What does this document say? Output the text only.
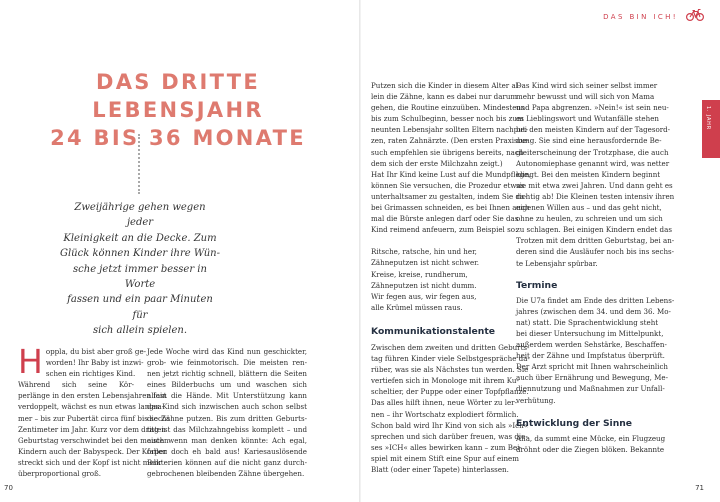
DAS BIN ICH!
1. JAHR
DAS DRITTE LEBENSJAHR
24 BIS 36 MONATE
Zweijährige gehen wegen jeder
Kleinigkeit an die Decke. Zum
Glück können Kinder ihre Wün-
sche jetzt immer besser in Worte
fassen und ein paar Minuten für
sich allein spielen.
H oppla, du bist aber groß ge-
worden! Ihr Baby ist inzwi-
schen ein richtiges Kind.
Während sich seine Kör-
perlänge in den ersten Lebensjahren fast
verdoppelt, wächst es nun etwas langsa-
mer – bis zur Pubertät circa fünf bis sechs
Zentimeter im Jahr. Kurz vor dem dritten
Geburtstag verschwindet bei den meisten
Kindern auch der Babyspeck. Der Körper
streckt sich und der Kopf ist nicht mehr
überproportional groß.
Jede Woche wird das Kind nun geschickter,
grob- wie feinmotorisch. Die meisten ren-
nen jetzt richtig schnell, blättern die Seiten
eines Bilderbuchs um und waschen sich
allein die Hände. Mit Unterstützung kann
das Kind sich inzwischen auch schon selbst
die Zähne putzen. Bis zum dritten Geburts-
tag ist das Milchzahngebiss komplett – und
auch wenn man denken könnte: Ach egal,
fallen doch eh bald aus! Kariesauslösende
Bakterien können auf die nicht ganz durch-
gebrochenen bleibenden Zähne übergehen.
Putzen sich die Kinder in diesem Alter al-
lein die Zähne, kann es dabei nur darum
gehen, die Routine einzuüben. Mindestens
bis zum Schulbeginn, besser noch bis zum
neunten Lebensjahr sollten Eltern nachput-
zen, raten Zahnärzte. (Den ersten Praxisbe-
such empfehlen sie übrigens bereits, nach-
dem sich der erste Milchzahn zeigt.)
Hat Ihr Kind keine Lust auf die Mundpflege,
können Sie versuchen, die Prozedur etwas
unterhaltsamer zu gestalten, indem Sie da-
bei Grimassen schneiden, es bei Ihnen auch
mal die Bürste anlegen darf oder Sie das
Kind reimend anfeuern, zum Beispiel so:
Ritsche, ratsche, hin und her,
Zähneputzen ist nicht schwer.
Kreise, kreise, rundherum,
Zähneputzen ist nicht dumm.
Wir fegen aus, wir fegen aus,
alle Krümel müssen raus.
Kommunikationstalente
Zwischen dem zweiten und dritten Geburts-
tag führen Kinder viele Selbstgespräche da-
rüber, was sie als Nächstes tun werden. Sie
vertiefen sich in Monologe mit ihrem Ku-
scheltier, der Puppe oder einer Topfpflanze.
Das alles hilft ihnen, neue Wörter zu ler-
nen – ihr Wortschatz explodiert förmlich.
Schon bald wird Ihr Kind von sich als »Ich«
sprechen und sich darüber freuen, was die-
ses »ICH« alles bewirken kann – zum Bei-
spiel mit einem Stift eine Spur auf einem
Blatt (oder einer Tapete) hinterlassen.
Das Kind wird sich seiner selbst immer
mehr bewusst und will sich von Mama
und Papa abgrenzen. »Nein!« ist sein neu-
es Lieblingswort und Wutanfälle stehen
bei den meisten Kindern auf der Tagesord-
nung. Sie sind eine herausfordernde Be-
gleiterscheinung der Trotzphase, die auch
Autonomiephase genannt wird, was netter
klingt. Bei den meisten Kindern beginnt
sie mit etwa zwei Jahren. Und dann geht es
richtig ab! Die Kleinen testen intensiv ihren
eigenen Willen aus – und das geht nicht,
ohne zu heulen, zu schreien und um sich
zu schlagen. Bei einigen Kindern endet das
Trotzen mit dem dritten Geburtstag, bei an-
deren sind die Ausläufer noch bis ins sechs-
te Lebensjahr spürbar.
Termine
Die U7a findet am Ende des dritten Lebens-
jahres (zwischen dem 34. und dem 36. Mo-
nat) statt. Die Sprachentwicklung steht
bei dieser Untersuchung im Mittelpunkt,
außerdem werden Sehstärke, Beschaffen-
heit der Zähne und Impfstatus überprüft.
Der Arzt spricht mit Ihnen wahrscheinlich
auch über Ernährung und Bewegung, Me-
diennutzung und Maßnahmen zur Unfall-
verhütung.
Entwicklung der Sinne
Aha, da summt eine Mücke, ein Flugzeug
dröhnt oder die Ziegen blöken. Bekannte
70	71
